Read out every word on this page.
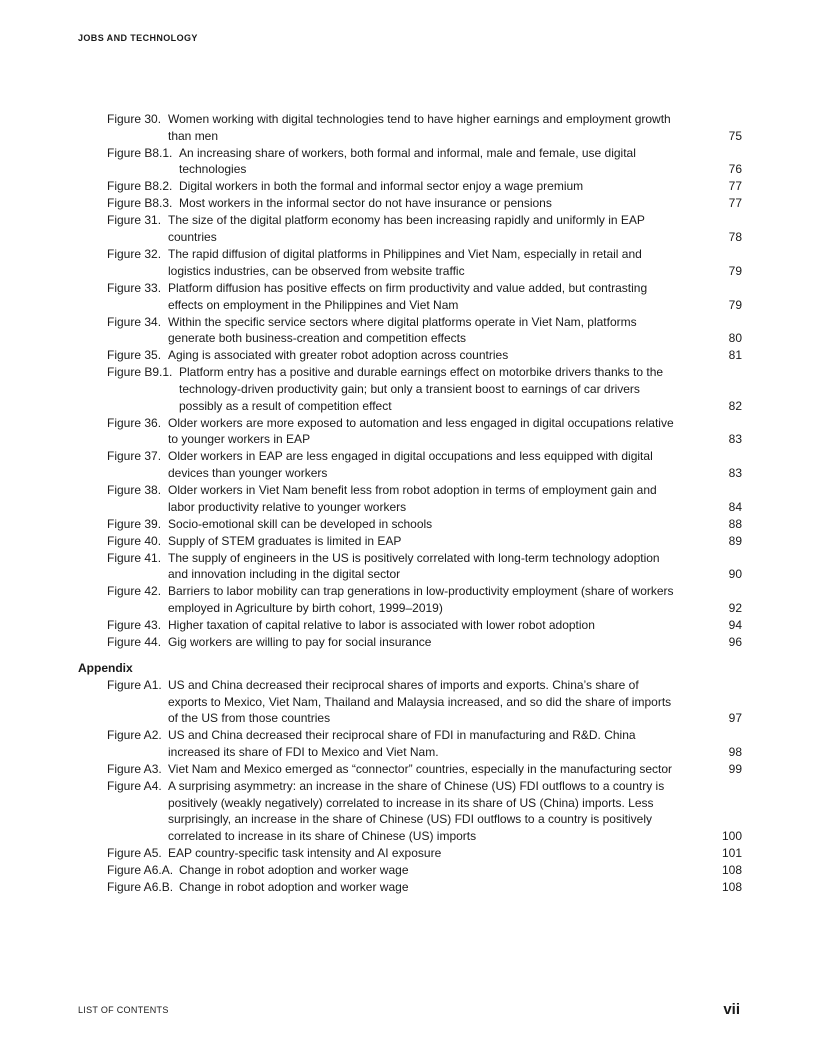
JOBS AND TECHNOLOGY
Figure 30. Women working with digital technologies tend to have higher earnings and employment growth than men	75
Figure B8.1. An increasing share of workers, both formal and informal, male and female, use digital technologies	76
Figure B8.2. Digital workers in both the formal and informal sector enjoy a wage premium	77
Figure B8.3. Most workers in the informal sector do not have insurance or pensions	77
Figure 31. The size of the digital platform economy has been increasing rapidly and uniformly in EAP countries	78
Figure 32. The rapid diffusion of digital platforms in Philippines and Viet Nam, especially in retail and logistics industries, can be observed from website traffic	79
Figure 33. Platform diffusion has positive effects on firm productivity and value added, but contrasting effects on employment in the Philippines and Viet Nam	79
Figure 34. Within the specific service sectors where digital platforms operate in Viet Nam, platforms generate both business-creation and competition effects	80
Figure 35. Aging is associated with greater robot adoption across countries	81
Figure B9.1. Platform entry has a positive and durable earnings effect on motorbike drivers thanks to the technology-driven productivity gain; but only a transient boost to earnings of car drivers possibly as a result of competition effect	82
Figure 36. Older workers are more exposed to automation and less engaged in digital occupations relative to younger workers in EAP	83
Figure 37. Older workers in EAP are less engaged in digital occupations and less equipped with digital devices than younger workers	83
Figure 38. Older workers in Viet Nam benefit less from robot adoption in terms of employment gain and labor productivity relative to younger workers	84
Figure 39. Socio-emotional skill can be developed in schools	88
Figure 40. Supply of STEM graduates is limited in EAP	89
Figure 41. The supply of engineers in the US is positively correlated with long-term technology adoption and innovation including in the digital sector	90
Figure 42. Barriers to labor mobility can trap generations in low-productivity employment (share of workers employed in Agriculture by birth cohort, 1999–2019)	92
Figure 43. Higher taxation of capital relative to labor is associated with lower robot adoption	94
Figure 44. Gig workers are willing to pay for social insurance	96
Appendix
Figure A1. US and China decreased their reciprocal shares of imports and exports. China’s share of exports to Mexico, Viet Nam, Thailand and Malaysia increased, and so did the share of imports of the US from those countries	97
Figure A2. US and China decreased their reciprocal share of FDI in manufacturing and R&D. China increased its share of FDI to Mexico and Viet Nam.	98
Figure A3. Viet Nam and Mexico emerged as “connector” countries, especially in the manufacturing sector	99
Figure A4. A surprising asymmetry: an increase in the share of Chinese (US) FDI outflows to a country is positively (weakly negatively) correlated to increase in its share of US (China) imports. Less surprisingly, an increase in the share of Chinese (US) FDI outflows to a country is positively correlated to increase in its share of Chinese (US) imports	100
Figure A5. EAP country-specific task intensity and AI exposure	101
Figure A6.A. Change in robot adoption and worker wage	108
Figure A6.B. Change in robot adoption and worker wage	108
LIST OF CONTENTS	vii
